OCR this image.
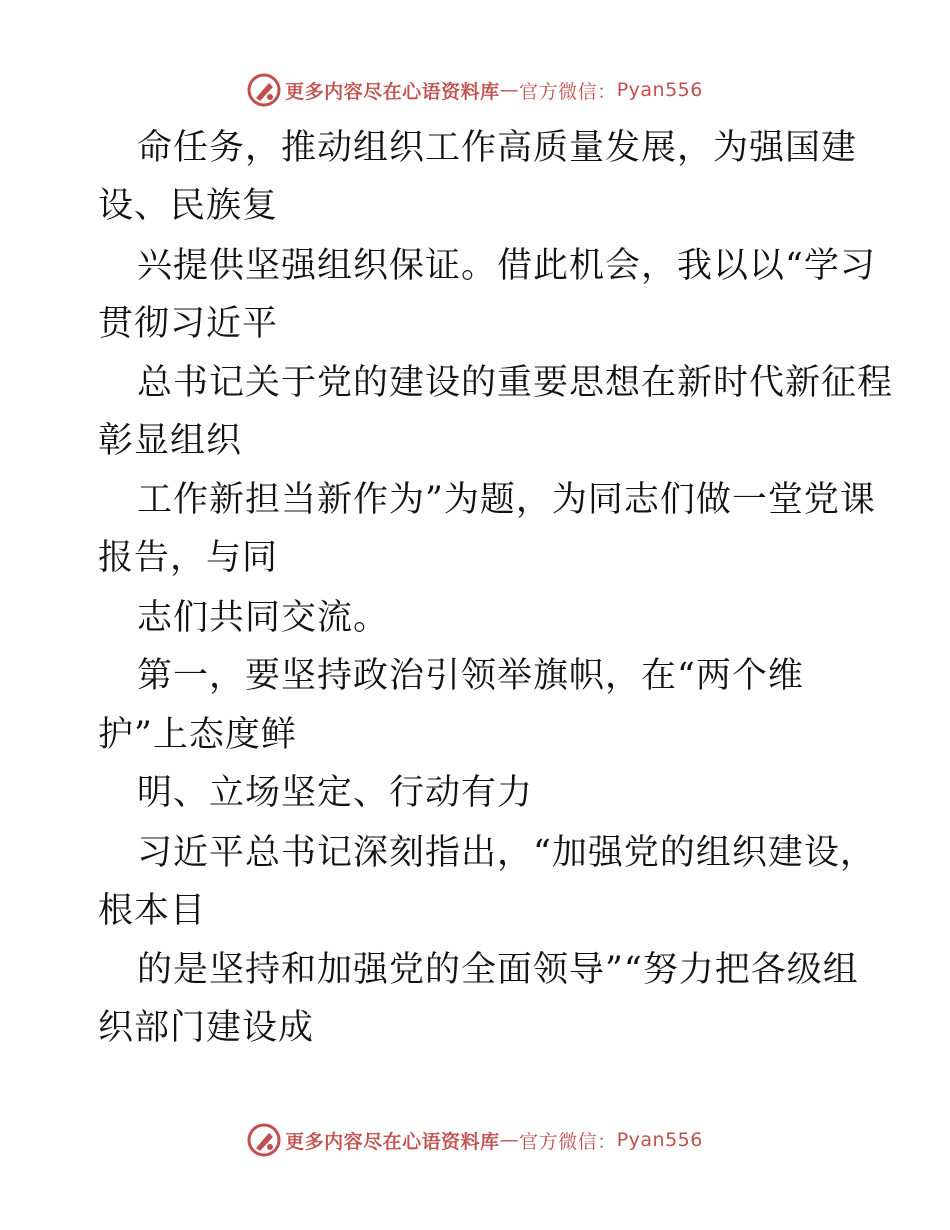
更多内容尽在心语资料库 — 官方微信： Pyan556
命任务，推动组织工作高质量发展，为强国建
设、民族复
兴提供坚强组织保证。借此机会，我以以“学习
贯彻习近平
总书记关于党的建设的重要思想在新时代新征程
彰显组织
工作新担当新作为”为题，为同志们做一堂党课
报告，与同
志们共同交流。
第一，要坚持政治引领举旗帜，在“两个维
护”上态度鲜
明、立场坚定、行动有力
习近平总书记深刻指出，“加强党的组织建设，
根本目
的是坚持和加强党的全面领导”“努力把各级组
织部门建设成
更多内容尽在心语资料库 — 官方微信： Pyan556
